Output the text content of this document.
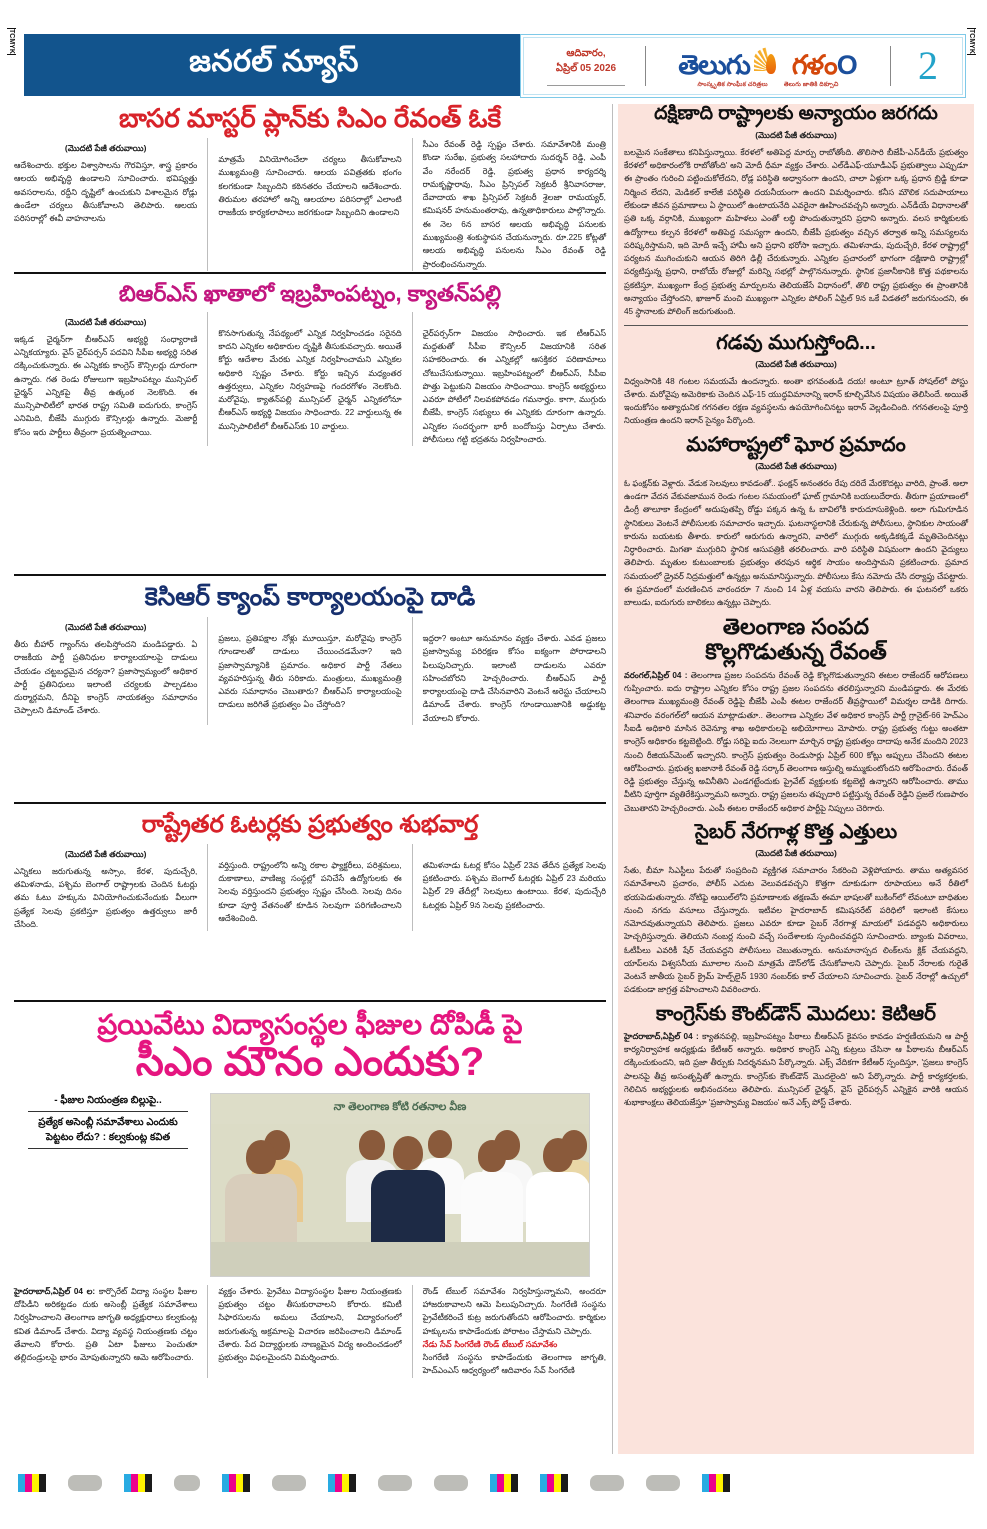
TCMYK	TCMYK
జనరల్ న్యూస్	ఆదివారం,
ఏప్రిల్ 05 2026	తెలుగు గళం O
సాంస్కృతిక సాంఘీక చరిత్రలు	తెలుగు జాతికి దిక్సూచి 2
బాసర మాస్టర్ ప్లాన్‌కు సిఎం రేవంత్ ఓకే
(మొదటి పేజీ తరువాయి)
ఆదేశించారు. భక్తుల విశ్వాసాలను గౌరవిస్తూ, శాస్త్ర ప్రకారం ఆలయ అభివృద్ధి ఉండాలని సూచించారు. భవిష్యత్తు అవసరాలను, రద్దీని దృష్టిలో ఉంచుకుని విశాలమైన రోడ్లు ఉండేలా చర్యలు తీసుకోవాలని తెలిపారు. ఆలయ పరిసరాల్లో ఈవీ వాహనాలను
మాత్రమే వినియోగించేలా చర్యలు తీసుకోవాలని ముఖ్యమంత్రి సూచించారు. ఆలయ పవిత్రతకు భంగం కలగకుండా సిబ్బందిని కఠినతరం చేయాలని ఆదేశించారు. తిరుమల తరహాలో అన్ని ఆలయాల పరిసరాల్లో ఎలాంటి రాజకీయ కార్యకలాపాలు జరగకుండా సిబ్బందిని ఉండాలని
సీఎం రేవంత్ రెడ్డి స్పష్టం చేశారు. సమావేశానికి మంత్రి కొండా సురేఖ, ప్రభుత్వ సలహాదారు సుదర్శన్ రెడ్డి, ఎంపీ వేం నరేందర్ రెడ్డి, ప్రభుత్వ ప్రధాన కార్యదర్శి రామకృష్ణారావు, సీఎం ప్రిన్సిపల్ సెక్రటరీ శ్రీనివాసరాజు, దేవాదాయ శాఖ ప్రిన్సిపల్ సెక్రటరీ శైలజా రామయ్యర్, కమిషనర్ హనుమంతరావు, ఉన్నతాధికారులు పాల్గొన్నారు. ఈ నెల 6న బాసర ఆలయ అభివృద్ధి పనులకు ముఖ్యమంత్రి శంకుస్థాపన చేయనున్నారు. రూ.225 కోట్లతో ఆలయ అభివృద్ధి పనులను సీఎం రేవంత్ రెడ్డి ప్రారంభించనున్నారు.
బిఆర్ఎస్ ఖాతాలో ఇబ్రహింపట్నం, క్యాతన్‌పల్లి
(మొదటి పేజీ తరువాయి)
ఇక్కడ ఛైర్మన్‌గా బీఆర్ఎస్ అభ్యర్థి సంధ్యారాణి ఎన్నికయ్యారు. వైస్ ఛైర్‌పర్సన్ పదవిని సీపీఐ అభ్యర్థి సరిత దక్కించుకున్నారు. ఈ ఎన్నికకు కాంగ్రెస్ కౌన్సిలర్లు దూరంగా ఉన్నారు. గత రెండు రోజులుగా ఇబ్రహింపట్నం మున్సిపల్ ఛైర్మన్ ఎన్నికపై తీవ్ర ఉత్కంఠ నెలకొంది. ఈ మున్సిపాలిటీలో భారత రాష్ట్ర సమితి ఐదుగురు, కాంగ్రెస్ ఎనిమిది, బీజేపీ ముగ్గురు కౌన్సిలర్లు ఉన్నారు. మెజార్టీ కోసం ఇరు పార్టీలు తీవ్రంగా ప్రయత్నించాయి.
కొనసాగుతున్న నేపథ్యంలో ఎన్నిక నిర్వహించడం సరైనది కాదని ఎన్నికల అధికారుల దృష్టికి తీసుకువచ్చారు. అయితే కోర్టు ఆదేశాల మేరకు ఎన్నిక నిర్వహించామని ఎన్నికల అధికారి స్పష్టం చేశారు. కోర్టు ఇచ్చిన మధ్యంతర ఉత్తర్వులు, ఎన్నికల నిర్వహణపై గందరగోళం నెలకొంది. మరోవైపు, క్యాతన్‌పల్లి మున్సిపల్ ఛైర్మన్ ఎన్నికలోనూ బీఆర్ఎస్ అభ్యర్థి విజయం సాధించారు. 22 వార్డులున్న ఈ మున్సిపాలిటీలో బీఆర్ఎస్‌కు 10 వార్డులు.
ఛైర్‌పర్సన్‌గా విజయం సాధించారు. ఇక టీఆర్ఎస్ మద్దతుతో సీపీఐ కౌన్సిలర్ విజయానికి సరిత సహకరించారు. ఈ ఎన్నికల్లో ఆసక్తికర పరిణామాలు చోటుచేసుకున్నాయి. ఇబ్రహింపట్నంలో బీఆర్ఎస్, సీపీఐ పొత్తు పెట్టుకుని విజయం సాధించాయి. కాంగ్రెస్ అభ్యర్థులు ఎవరూ పోటీలో నిలవకపోవడం గమనార్హం. కాగా, ముగ్గురు బీజేపీ, కాంగ్రెస్ సభ్యులు ఈ ఎన్నికకు దూరంగా ఉన్నారు. ఎన్నికల సందర్భంగా భారీ బందోబస్తు ఏర్పాటు చేశారు. పోలీసులు గట్టి భద్రతను నిర్వహించారు.
కెసిఆర్ క్యాంప్ కార్యాలయంపై దాడి
(మొదటి పేజీ తరువాయి)
తీరు బీహార్ గ్యాంగ్‌ను తలపిస్తోందని మండిపడ్డారు. ఏ రాజకీయ పార్టీ ప్రతినిధుల కార్యాలయాలపై దాడులు చేయడం చట్టబద్ధమైన చర్యనా? ప్రజాస్వామ్యంలో అధికార పార్టీ ప్రతినిధులు ఇలాంటి చర్యలకు పాల్పడటం దుర్మార్గమని, దీనిపై కాంగ్రెస్ నాయకత్వం సమాధానం చెప్పాలని డిమాండ్ చేశారు.
ప్రజలు, ప్రతిపక్షాల నోళ్లు మూయిస్తూ, మరోవైపు కాంగ్రెస్ గూండాలతో దాడులు చేయించడమేనా? ఇది ప్రజాస్వామ్యానికి ప్రమాదం. అధికార పార్టీ నేతలు వ్యవహరిస్తున్న తీరు సరికాదు. మంత్రులు, ముఖ్యమంత్రి ఎవరు సమాధానం చెబుతారు? బీఆర్ఎస్ కార్యాలయంపై దాడులు జరిగితే ప్రభుత్వం ఏం చేస్తోంది?
ఇద్దరా? అంటూ అనుమానం వ్యక్తం చేశారు. ఎవడ ప్రజలు ప్రజాస్వామ్య పరిరక్షణ కోసం ఐక్యంగా పోరాడాలని పిలుపునిచ్చారు. ఇలాంటి దాడులను ఎవరూ సహించబోరని హెచ్చరించారు. బీఆర్ఎస్ పార్టీ కార్యాలయంపై దాడి చేసినవారిని వెంటనే అరెస్టు చేయాలని డిమాండ్ చేశారు. కాంగ్రెస్ గూండాయిజానికి అడ్డుకట్ట వేయాలని కోరారు.
రాష్ట్రేతర ఓటర్లకు ప్రభుత్వం శుభవార్త
(మొదటి పేజీ తరువాయి)
ఎన్నికలు జరుగుతున్న అస్సాం, కేరళ, పుదుచ్చేరి, తమిళనాడు, పశ్చిమ బెంగాల్ రాష్ట్రాలకు చెందిన ఓటర్లు తమ ఓటు హక్కును వినియోగించుకునేందుకు వీలుగా ప్రత్యేక సెలవు ప్రకటిస్తూ ప్రభుత్వం ఉత్తర్వులు జారీ చేసింది.
వర్తిస్తుంది. రాష్ట్రంలోని అన్ని రకాల ఫ్యాక్టరీలు, పరిశ్రమలు, దుకాణాలు, వాణిజ్య సంస్థల్లో పనిచేసే ఉద్యోగులకు ఈ సెలవు వర్తిస్తుందని ప్రభుత్వం స్పష్టం చేసింది. సెలవు దినం కూడా పూర్తి వేతనంతో కూడిన సెలవుగా పరిగణించాలని ఆదేశించింది.
తమిళనాడు ఓటర్ల కోసం ఏప్రిల్ 23వ తేదీన ప్రత్యేక సెలవు ప్రకటించారు. పశ్చిమ బెంగాల్ ఓటర్లకు ఏప్రిల్ 23 మరియు ఏప్రిల్ 29 తేదీల్లో సెలవులు ఉంటాయి. కేరళ, పుదుచ్చేరి ఓటర్లకు ఏప్రిల్ 9న సెలవు ప్రకటించారు.
ప్రయివేటు విద్యాసంస్థల ఫీజుల దోపిడీ పై
సీఎం మౌనం ఎందుకు?
- ఫీజుల నియంత్రణ బిల్లుపై..
ప్రత్యేక అసెంబ్లీ సమావేశాలు ఎందుకు
పెట్టటం లేదు? : కల్వకుంట్ల కవిత
నా తెలంగాణ కోటి రతనాల వీణ
హైదరాబాద్,ఏప్రిల్ 04 ల: కార్పొరేట్ విద్యా సంస్థల ఫీజుల దోపిడీని అరికట్టడం దుకు అసెంబ్లీ ప్రత్యేక సమావేశాలు నిర్వహించాలని తెలంగాణ జాగృతి అధ్యక్షురాలు కల్వకుంట్ల కవిత డిమాండ్ చేశారు. విద్యా వ్యవస్థ నియంత్రణకు చట్టం తేవాలని కోరారు. ప్రతి ఏటా ఫీజులు పెంచుతూ తల్లిదండ్రులపై భారం మోపుతున్నారని ఆమె ఆరోపించారు.
వ్యక్తం చేశారు. ప్రైవేటు విద్యాసంస్థల ఫీజుల నియంత్రణకు ప్రభుత్వం చట్టం తీసుకురావాలని కోరారు. కమిటీ సిఫారసులను అమలు చేయాలని, విద్యారంగంలో జరుగుతున్న అక్రమాలపై విచారణ జరిపించాలని డిమాండ్ చేశారు. పేద విద్యార్థులకు నాణ్యమైన విద్య అందించడంలో ప్రభుత్వం విఫలమైందని విమర్శించారు.
రౌండ్ టేబుల్ సమావేశం నిర్వహిస్తున్నామని, అందరూ హాజరుకావాలని ఆమె పిలుపునిచ్చారు. సింగరేణి సంస్థను ప్రైవేటీకరించే కుట్ర జరుగుతోందని ఆరోపించారు. కార్మికుల హక్కులను కాపాడేందుకు పోరాటం చేస్తామని చెప్పారు.
నేడు సేవ్ సింగరేణి రౌండ్ టేబుల్ సమావేశం
సింగరేణి సంస్థను కాపాడేందుకు తెలంగాణ జాగృతి, హెచ్ఎంఎస్ ఆధ్వర్యంలో ఆదివారం సేవ్ సింగరేణి
దక్షిణాది రాష్ట్రాలకు అన్యాయం జరగదు
(మొదటి పేజీ తరువాయి)
బలమైన సంకేతాలు కనిపిస్తున్నాయి. కేరళలో అతిపెద్ద మార్పు రాబోతోంది. తొలిసారి బీజేపీ-ఎన్‌డీయే ప్రభుత్వం కేరళలో అధికారంలోకి రాబోతోంది' అని మోదీ ధీమా వ్యక్తం చేశారు. ఎల్‌డీఎఫ్-యూడీఎఫ్ ప్రభుత్వాలు ఎప్పుడూ ఈ ప్రాంతం గురించి పట్టించుకోలేదని, రోడ్ల పరిస్థితి అధ్వానంగా ఉందని, చాలా ఏళ్లుగా ఒక్క ప్రధాన బ్రిడ్జి కూడా నిర్మించ లేదని, మెడికల్ కాలేజీ పరిస్థితి దయనీయంగా ఉందని విమర్శించారు. కనీస మౌలిక సదుపాయాలు లేకుండా జీవన ప్రమాణాలు ఏ స్థాయిలో ఉంటాయనేది ఎవరైనా ఊహించవచ్చని అన్నారు. ఎన్‌డీయే విధానాలతో ప్రతి ఒక్క వర్గానికి, ముఖ్యంగా మహిళలు ఎంతో లబ్ధి పొందుతున్నారని ప్రధాని అన్నారు. వలస కార్మికులకు ఉద్యోగాలు కల్పన కేరళలో అతిపెద్ద సమస్యగా ఉందని, బీజేపీ ప్రభుత్వం వచ్చిన తర్వాత అన్ని సమస్యలను పరిష్కరిస్తామని, ఇది మోదీ ఇచ్చే హామీ అని ప్రధాని భరోసా ఇచ్చారు. తమిళనాడు, పుదుచ్చేరి, కేరళ రాష్ట్రాల్లో పర్యటన ముగించుకుని ఆయన తిరిగి ఢిల్లీ చేరుకున్నారు. ఎన్నికల ప్రచారంలో భాగంగా దక్షిణాది రాష్ట్రాల్లో పర్యటిస్తున్న ప్రధాని, రాబోయే రోజుల్లో మరిన్ని సభల్లో పాల్గొననున్నారు. స్థానిక ప్రజానీకానికి కొత్త పథకాలను ప్రకటిస్తూ, ముఖ్యంగా కేంద్ర ప్రభుత్వ మార్పులను తెలియజేసే విధానంలో, తొలి రాష్ట్ర ప్రభుత్వం ఈ ప్రాంతానికి అన్యాయం చేస్తోందని, ఖాజూర్ మంచి ముఖ్యంగా ఎన్నికల పోలింగ్ ఏప్రిల్ 9న ఒకే విడతలో జరుగనుందని, ఈ 45 స్థానాలకు పోలింగ్ జరుగుతుంది.
గడవు ముగుస్తోంది...
(మొదటి పేజీ తరువాయి)
విధ్వంసానికి 48 గంటల సమయమే ఉందన్నారు. అంతా భగవంతుడి దయ! అంటూ ట్రూత్ సోషల్‌లో పోస్టు చేశారు. మరోవైపు అమెరికాకు చెందిన ఎఫ్-15 యుద్ధవిమానాన్ని ఇరాన్ కూల్చివేసిన విషయం తెలిసిందే. అయితే ఇందుకోసం అత్యాధునిక గగనతల రక్షణ వ్యవస్థలను ఉపయోగించినట్టు ఇరాన్ వెల్లడించింది. గగనతలంపై పూర్తి నియంత్రణ ఉందని ఇరాన్ సైన్యం పేర్కొంది.
మహారాష్ట్రలో ఘోర ప్రమాదం
(మొదటి పేజీ తరువాయి)
ఓ ఫంక్షన్‌కు వెళ్లారు. వేడుక సెలవులు కావడంతో.. ఫంక్షన్ అనంతరం రేపు దరిదే మేరకొదట్లు వారిది, ప్రాంతే. అలా ఉండగా వేదన వేకువజామున రెండు గంటల సమయంలో ఘాట్ గ్రామానికి బయలుదేరారు. తీరుగా ప్రయాణంలో డింగ్రీ తాలూకా కేంద్రంలో అదుపుతప్పి రోడ్డు పక్కన ఉన్న ఓ బావిలోకి కారుదూసుకెళ్లింది. అలా గుమిగూడిన స్థానికులు వెంటనే పోలీసులకు సమాచారం ఇచ్చారు. ఘటనాస్థలానికి చేరుకున్న పోలీసులు, స్థానికుల సాయంతో కారును బయటకు తీశారు. కారులో ఆరుగురు ఉన్నారని, వారిలో ముగ్గురు అక్కడికక్కడే మృతిచెందినట్లు నిర్ధారించారు. మిగతా ముగ్గురిని స్థానిక ఆసుపత్రికి తరలించారు. వారి పరిస్థితి విషమంగా ఉందని వైద్యులు తెలిపారు. మృతుల కుటుంబాలకు ప్రభుత్వం తరపున ఆర్థిక సాయం అందిస్తామని ప్రకటించారు. ప్రమాద సమయంలో డ్రైవర్ నిద్రమత్తులో ఉన్నట్లు అనుమానిస్తున్నారు. పోలీసులు కేసు నమోదు చేసి దర్యాప్తు చేపట్టారు. ఈ ప్రమాదంలో మరణించిన వారందరూ 7 నుంచి 14 ఏళ్ల వయసు వారని తెలిపారు. ఈ ఘటనలో ఒకరు బాలుడు, ఐదుగురు బాలికలు ఉన్నట్లు చెప్పారు.
తెలంగాణ సంపద
కొల్లగొడుతున్న రేవంత్
వరంగల్,ఏప్రిల్ 04 : తెలంగాణ ప్రజల సంపదను రేవంత్ రెడ్డి కొల్లగొడుతున్నారని ఈటల రాజేందర్ ఆరోపణలు గుప్పించారు. ఐదు రాష్ట్రాల ఎన్నికల కోసం రాష్ట్ర ప్రజల సంపదను తరలిస్తున్నారని మండిపడ్డారు. ఈ మేరకు తెలంగాణ ముఖ్యమంత్రి రేవంత్ రెడ్డిపై బీజేపీ ఎంపీ ఈటల రాజేందర్ తీవ్రస్థాయిలో విమర్శల దాడికి దిగారు. శనివారం వరంగల్‌లో ఆయన మాట్లాడుతూ.. తెలంగాణ ఎన్నికల వేళ అధికార కాంగ్రెస్ పార్టీ గ్రానైట్-66 హెచ్ఎం సీఐడీ అధికారి మాసిన రెవెన్యూ శాఖ అధికారులపై అభియోగాలు మోపారు. రాష్ట్ర ప్రభుత్వ గుట్టు అంతటా కాంగ్రెస్ అధికారం కట్టబెట్టింది. రోడ్డు సరిఫై ఐదు నెలలుగా మార్చిన రాష్ట్ర ప్రభుత్వం దాదాపు అనేక మందిని 2023 నుంచి రీజియన్‌మెంట్ ఇచ్చారని. కాంగ్రెస్ ప్రభుత్వం రెండుసార్లు ఏప్రిల్ 600 కోట్లు అప్పులు చేసిందని ఈటల ఆరోపించారు. ప్రభుత్వ ఖజానాకి రేవంత్ రెడ్డి సర్కార్ తెలంగాణ ఆస్తుల్ని అమ్ముకుంటోందని ఆరోపించారు. రేవంత్ రెడ్డి ప్రభుత్వం చేస్తున్న అవినీతిని ఎండగట్టేందుకు ప్రైవేట్ వ్యక్తులకు కట్టబెట్టి ఉన్నారని ఆరోపించారు. తాము వీటిని పూర్తిగా వ్యతిరేకిస్తున్నామని అన్నారు. రాష్ట్ర ప్రజలను తప్పుదారి పట్టిస్తున్న రేవంత్ రెడ్డిని ప్రజలే గుణపాఠం చెబుతారని హెచ్చరించారు. ఎంపీ ఈటల రాజేందర్ అధికార పార్టీపై నిప్పులు చెరిగారు.
సైబర్ నేరగాళ్ల కొత్త ఎత్తులు
(మొదటి పేజీ తరువాయి)
సేతు, బీమా సిఎస్టీలు పేరుతో సంప్రదించి వ్యక్తిగత సమాచారం సేకరించి వెళ్లిపోయారు. తాము అత్యవసర సమావేశాలని ప్రచారం, పోలీస్ ఎదుట వెలువడవచ్చని కొత్తగా దూకుడుగా రూపాయలు అనే రీతిలో భయపెడుతున్నారు. నోటిఫై ఆయిల్‌లోని ప్రమాణాలకు తక్షణమే ఈమా భాషలతో బుకింగ్‌లో లేవంటూ బాధితుల నుంచి నగదు వసూలు చేస్తున్నారు. ఇటీవల హైదరాబాద్ కమిషనరేట్ పరిధిలో ఇలాంటి కేసులు నమోదవుతున్నాయని తెలిపారు. ప్రజలు ఎవరూ కూడా సైబర్ నేరగాళ్ల మాయలో పడవద్దని అధికారులు హెచ్చరిస్తున్నారు. తెలియని నంబర్ల నుంచి వచ్చే సందేశాలకు స్పందించవద్దని సూచించారు. బ్యాంకు వివరాలు, ఓటీపీలు ఎవరికీ షేర్ చేయవద్దని పోలీసులు చెబుతున్నారు. అనుమానాస్పద లింక్‌లను క్లిక్ చేయవద్దని, యాప్‌లను విశ్వసనీయ మూలాల నుంచి మాత్రమే డౌన్‌లోడ్ చేసుకోవాలని చెప్పారు. సైబర్ నేరాలకు గురైతే వెంటనే జాతీయ సైబర్ క్రైమ్ హెల్ప్‌లైన్ 1930 నంబర్‌కు కాల్ చేయాలని సూచించారు. సైబర్ నేరాల్లో ఉచ్చులో పడకుండా జాగ్రత్త వహించాలని వివరించారు.
కాంగ్రెస్‌కు కౌంట్‌డౌన్ మొదలు: కెటిఆర్
హైదరాబాద్,ఏప్రిల్ 04 : క్యాతనపల్లి, ఇబ్రహింపట్నం పీఠాలు బీఆర్ఎస్ కైవసం కావడం హర్షణీయమని ఆ పార్టీ కార్యనిర్వాహక అధ్యక్షుడు కేటీఆర్ అన్నారు. అధికార కాంగ్రెస్ ఎన్ని కుట్రలు చేసినా ఆ పీఠాలను బీఆర్ఎస్ దక్కించుకుందని, ఇది ప్రజా తీర్పుకు నిదర్శనమని పేర్కొన్నారు. ఎక్స్ వేదికగా కేటీఆర్ స్పందిస్తూ, 'ప్రజలు కాంగ్రెస్ పాలనపై తీవ్ర అసంతృప్తితో ఉన్నారు. కాంగ్రెస్‌కు కౌంట్‌డౌన్ మొదలైంది' అని పేర్కొన్నారు. పార్టీ కార్యకర్తలకు, గెలిచిన అభ్యర్థులకు అభినందనలు తెలిపారు. మున్సిపల్ ఛైర్మన్, వైస్ ఛైర్‌పర్సన్ ఎన్నికైన వారికి ఆయన శుభాకాంక్షలు తెలియజేస్తూ 'ప్రజాస్వామ్య విజయం' అనే ఎక్స్ పోస్ట్ చేశారు.
